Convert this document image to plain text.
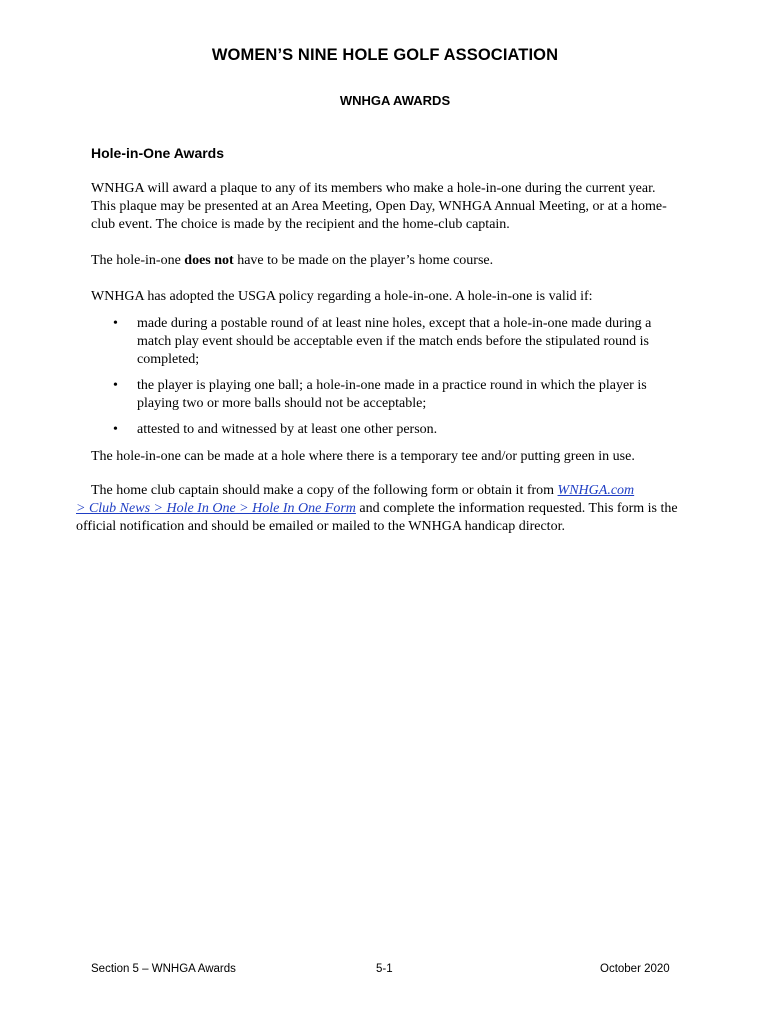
WOMEN’S NINE HOLE GOLF ASSOCIATION
WNHGA AWARDS
Hole-in-One Awards

WNHGA will award a plaque to any of its members who make a hole-in-one during the current year. This plaque may be presented at an Area Meeting, Open Day, WNHGA Annual Meeting, or at a home-club event. The choice is made by the recipient and the home-club captain.

The hole-in-one does not have to be made on the player’s home course.

WNHGA has adopted the USGA policy regarding a hole-in-one. A hole-in-one is valid if:

• made during a postable round of at least nine holes, except that a hole-in-one made during a match play event should be acceptable even if the match ends before the stipulated round is completed;
• the player is playing one ball; a hole-in-one made in a practice round in which the player is playing two or more balls should not be acceptable;
• attested to and witnessed by at least one other person.

The hole-in-one can be made at a hole where there is a temporary tee and/or putting green in use.

The home club captain should make a copy of the following form or obtain it from WNHGA.com
> Club News > Hole In One > Hole In One Form and complete the information requested. This form is the official notification and should be emailed or mailed to the WNHGA handicap director.

Section 5 – WNHGA Awards	5-1	October 2020
